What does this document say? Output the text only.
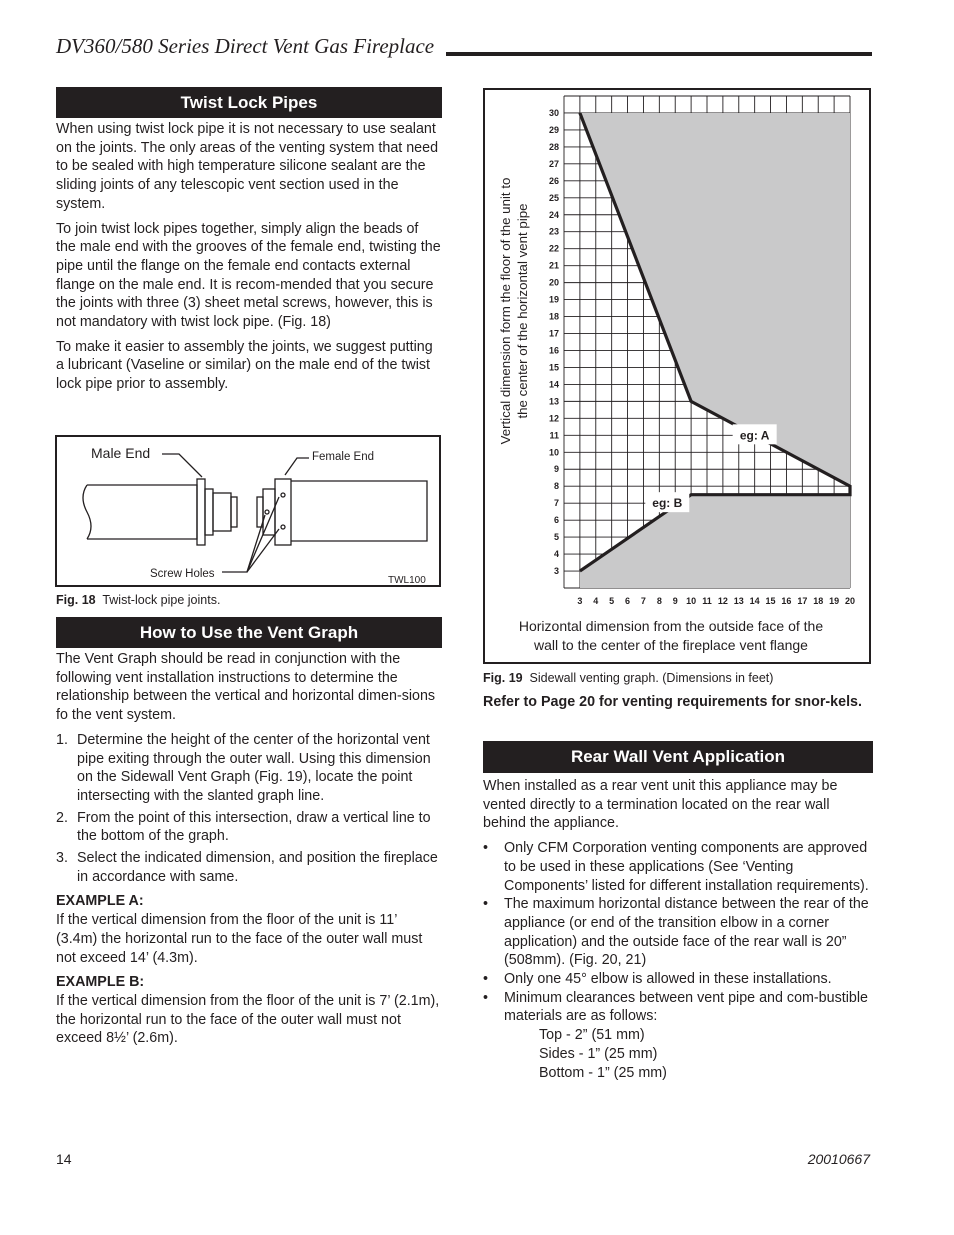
DV360/580 Series Direct Vent Gas Fireplace
Twist Lock Pipes

When using twist lock pipe it is not necessary to use sealant on the joints. The only areas of the venting system that need to be sealed with high temperature silicone sealant are the sliding joints of any telescopic vent section used in the system.

To join twist lock pipes together, simply align the beads of the male end with the grooves of the female end, twisting the pipe until the flange on the female end contacts external flange on the male end. It is recom-mended that you secure the joints with three (3) sheet metal screws, however, this is not mandatory with twist lock pipe. (Fig. 18)

To make it easier to assembly the joints, we suggest putting a lubricant (Vaseline or similar) on the male end of the twist lock pipe prior to assembly.

Male End	Female End
Screw Holes
TWL100
Fig. 18 Twist-lock pipe joints.
How to Use the Vent Graph

The Vent Graph should be read in conjunction with the following vent installation instructions to determine the relationship between the vertical and horizontal dimen-sions fo the vent system.

1. Determine the height of the center of the horizontal vent pipe exiting through the outer wall. Using this dimension on the Sidewall Vent Graph (Fig. 19), locate the point intersecting with the slanted graph line.
2. From the point of this intersection, draw a vertical line to the bottom of the graph.
3. Select the indicated dimension, and position the fireplace in accordance with same.
EXAMPLE A:

If the vertical dimension from the floor of the unit is 11’ (3.4m) the horizontal run to the face of the outer wall must not exceed 14’ (4.3m).

EXAMPLE B:

If the vertical dimension from the floor of the unit is 7’ (2.1m), the horizontal run to the face of the outer wall must not exceed 8½’ (2.6m).

3
4
5
6
7
8
9
10
11
12
13
14
15
16
17
18
19
20
21
22
23
24
25
26
27
28
29
30
3 4 5 6 7 8 9 10 11 12 13 14 15 16 17 18 19 20
eg: A
eg: B
Vertical dimension form the floor of the unit to the center of the horizontal vent pipe
Horizontal dimension from the outside face of the
wall to the center of the fireplace vent flange
Fig. 19 Sidewall venting graph. (Dimensions in feet)
Refer to Page 20 for venting requirements for snor-kels.
Rear Wall Vent Application

When installed as a rear vent unit this appliance may be vented directly to a termination located on the rear wall behind the appliance.

• Only CFM Corporation venting components are approved to be used in these applications (See ‘Venting Components’ listed for different installation requirements).
• The maximum horizontal distance between the rear of the appliance (or end of the transition elbow in a corner application) and the outside face of the rear wall is 20” (508mm). (Fig. 20, 21)
• Only one 45° elbow is allowed in these installations.
• Minimum clearances between vent pipe and com-bustible materials are as follows:
Top - 2” (51 mm)
Sides - 1” (25 mm)
Bottom - 1” (25 mm)
14	20010667
